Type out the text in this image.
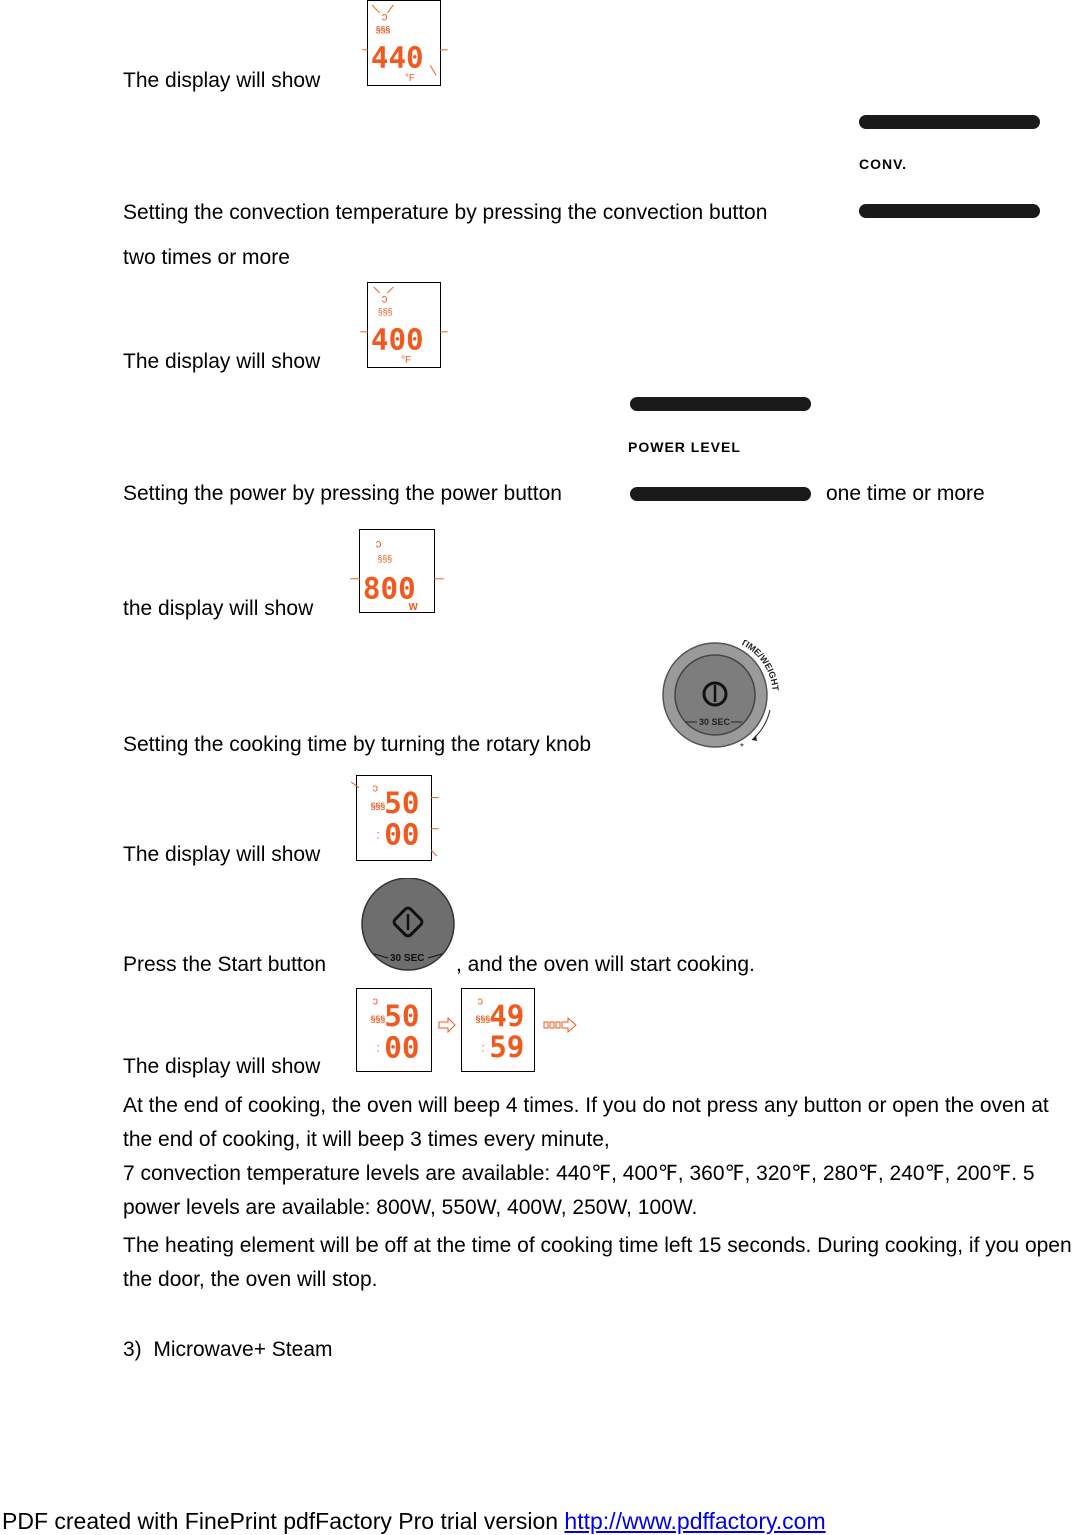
The display will show
ↄ
§§§
440
°F
CONV.
Setting the convection temperature by pressing the convection button
two times or more
The display will show
ↄ
§§§
400
°F
POWER LEVEL
Setting the power by pressing the power button	one time or more
the display will show
ↄ
§§§
800
W
Setting the cooking time by turning the rotary knob
30 SEC
TIME/WEIGHT
*
The display will show
ↄ
§§§ 50
: 00
Press the Start button	30 SEC , and the oven will start cooking.
The display will show
ↄ
§§§ 50
: 00
ↄ
§§§ 49
: 59
At the end of cooking, the oven will beep 4 times. If you do not press any button or open the oven at the end of cooking, it will beep 3 times every minute,
7 convection temperature levels are available: 440℉, 400℉, 360℉, 320℉, 280℉, 240℉, 200℉. 5 power levels are available: 800W, 550W, 400W, 250W, 100W.
The heating element will be off at the time of cooking time left 15 seconds. During cooking, if you open the door, the oven will stop.
3)  Microwave+ Steam
PDF created with FinePrint pdfFactory Pro trial version http://www.pdffactory.com
